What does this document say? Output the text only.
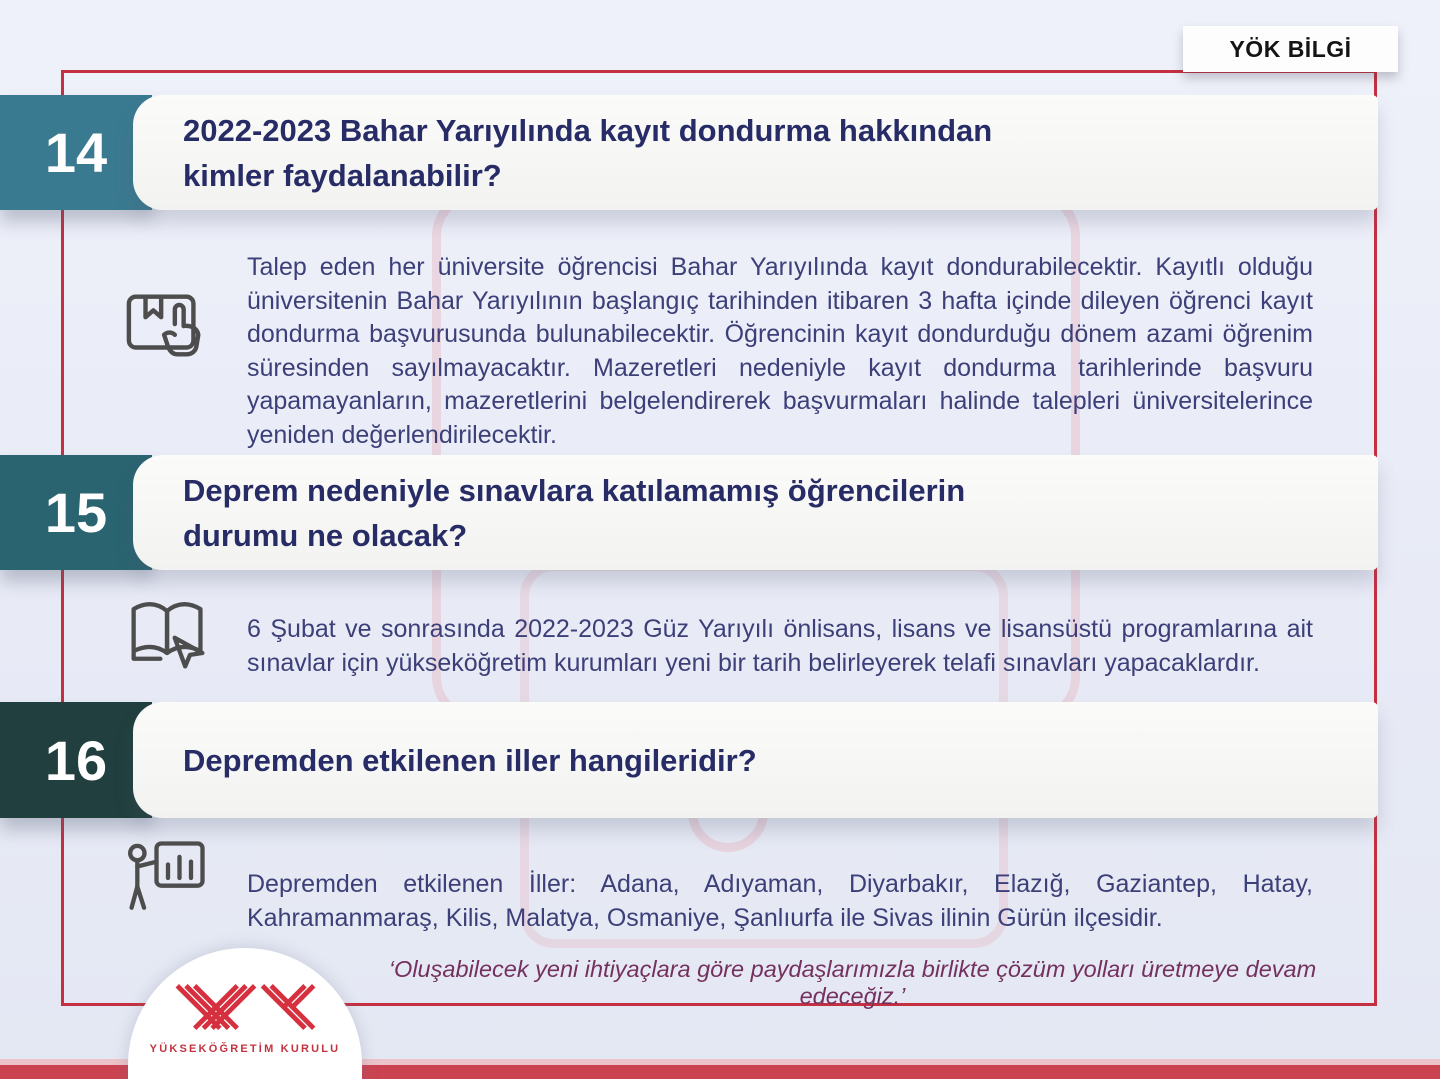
YÖK BİLGİ
14 2022-2023 Bahar Yarıyılında kayıt dondurma hakkından
kimler faydalanabilir?

Talep eden her üniversite öğrencisi Bahar Yarıyılında kayıt dondurabilecektir. Kayıtlı olduğu üniversitenin Bahar Yarıyılının başlangıç tarihinden itibaren 3 hafta içinde dileyen öğrenci kayıt dondurma başvurusunda bulunabilecektir. Öğrencinin kayıt dondurduğu dönem azami öğrenim süresinden sayılmayacaktır. Mazeretleri nedeniyle kayıt dondurma tarihlerinde başvuru yapamayanların, mazeretlerini belgelendirerek başvurmaları halinde talepleri üniversitelerince yeniden değerlendirilecektir.

15 Deprem nedeniyle sınavlara katılamamış öğrencilerin
durumu ne olacak?

6 Şubat ve sonrasında 2022-2023 Güz Yarıyılı önlisans, lisans ve lisansüstü programlarına ait sınavlar için yükseköğretim kurumları yeni bir tarih belirleyerek telafi sınavları yapacaklardır.

16 Depremden etkilenen iller hangileridir?

Depremden etkilenen İller: Adana, Adıyaman, Diyarbakır, Elazığ, Gaziantep, Hatay, Kahramanmaraş, Kilis, Malatya, Osmaniye, Şanlıurfa ile Sivas ilinin Gürün ilçesidir.

‘Oluşabilecek yeni ihtiyaçlara göre paydaşlarımızla birlikte çözüm yolları üretmeye devam edeceğiz.’
YÜKSEKÖĞRETİM KURULU
